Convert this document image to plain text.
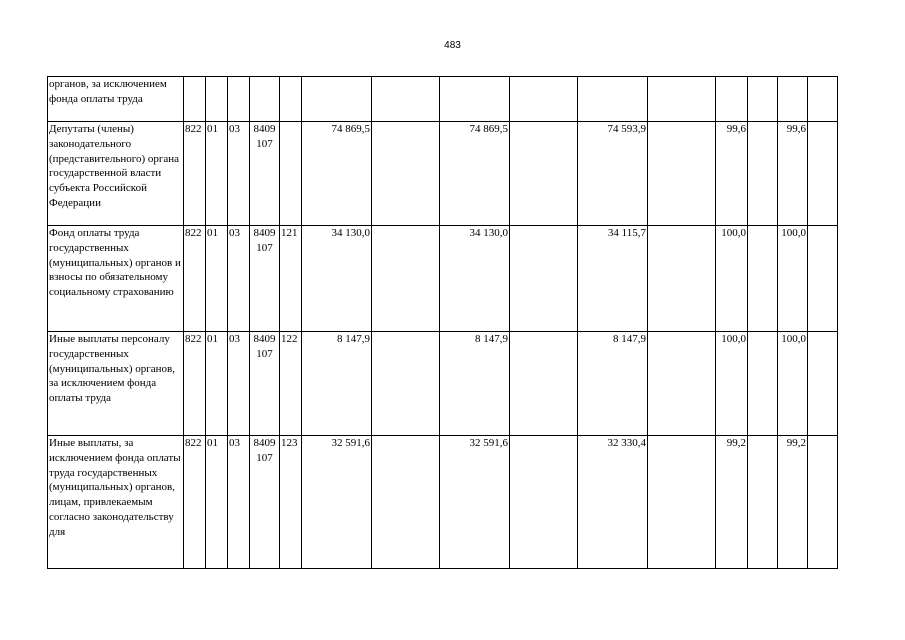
483
органов, за исключением фонда оплаты труда															
Депутаты (члены) законодательного (представительного) органа государственной власти субъекта Российской Федерации	822	01	03	8409 107		74 869,5		74 869,5		74 593,9		99,6		99,6	
Фонд оплаты труда государственных (муниципальных) органов и взносы по обязательному социальному страхованию	822	01	03	8409 107	121	34 130,0		34 130,0		34 115,7		100,0		100,0	
Иные выплаты персоналу государственных (муниципальных) органов, за исключением фонда оплаты труда	822	01	03	8409 107	122	8 147,9		8 147,9		8 147,9		100,0		100,0	
Иные выплаты, за исключением фонда оплаты труда государственных (муниципальных) органов, лицам, привлекаемым согласно законодательству для	822	01	03	8409 107	123	32 591,6		32 591,6		32 330,4		99,2		99,2	
